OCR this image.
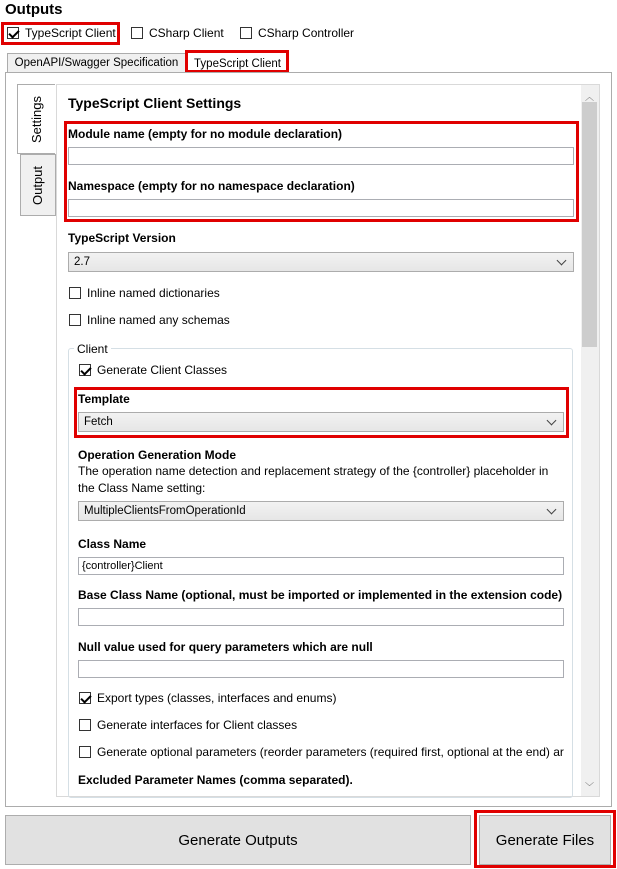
Outputs
TypeScript Client	CSharp Client	CSharp Controller
OpenAPI/Swagger Specification TypeScript Client
Settings
Output
︿
﹀
TypeScript Client Settings
Module name (empty for no module declaration)
Namespace (empty for no namespace declaration)
TypeScript Version
2.7
Inline named dictionaries
Inline named any schemas
Client
Generate Client Classes
Template
Fetch
Operation Generation Mode
The operation name detection and replacement strategy of the {controller} placeholder in
the Class Name setting:
MultipleClientsFromOperationId
Class Name
{controller}Client
Base Class Name (optional, must be imported or implemented in the extension code)
Null value used for query parameters which are null
Export types (classes, interfaces and enums)
Generate interfaces for Client classes
Generate optional parameters (reorder parameters (required first, optional at the end) ar
Excluded Parameter Names (comma separated).
Generate Outputs	Generate Files
